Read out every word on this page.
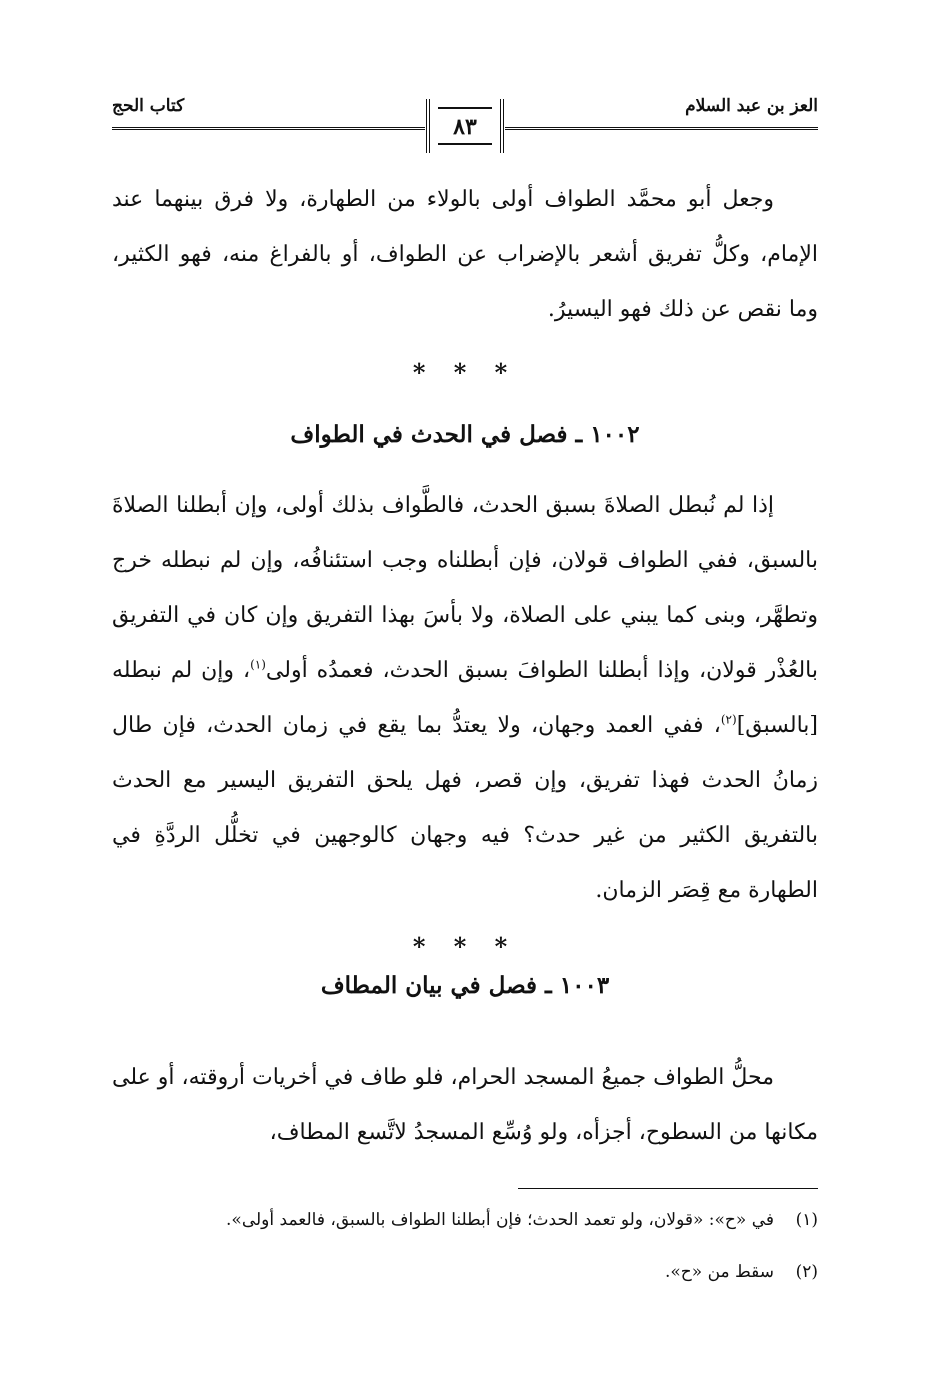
العز بن عبد السلام
كتاب الحج
٨٣

وجعل أبو محمَّد الطواف أولى بالولاء من الطهارة، ولا فرق بينهما عند الإمام، وكلُّ تفريق أشعر بالإضراب عن الطواف، أو بالفراغ منه، فهو الكثير، وما نقص عن ذلك فهو اليسيرُ.

* * *
١٠٠٢ ـ فصل في الحدث في الطواف

إذا لم نُبطل الصلاةَ بسبق الحدث، فالطَّواف بذلك أولى، وإن أبطلنا الصلاةَ بالسبق، ففي الطواف قولان، فإن أبطلناه وجب استئنافُه، وإن لم نبطله خرج وتطهَّر، وبنى كما يبني على الصلاة، ولا بأسَ بهذا التفريق وإن كان في التفريق بالعُذْر قولان، وإذا أبطلنا الطوافَ بسبق الحدث، فعمدُه أولى$^{(١)}$، وإن لم نبطله [بالسبق]$^{(٢)}$، ففي العمد وجهان، ولا يعتدُّ بما يقع في زمان الحدث، فإن طال زمانُ الحدث فهذا تفريق، وإن قصر، فهل يلحق التفريق اليسير مع الحدث بالتفريق الكثير من غير حدث؟ فيه وجهان كالوجهين في تخلُّل الردَّةِ في الطهارة مع قِصَر الزمان.

* * *
١٠٠٣ ـ فصل في بيان المطاف

محلُّ الطواف جميعُ المسجد الحرام، فلو طاف في أخريات أروقته، أو على مكانها من السطوح، أجزأه، ولو وُسِّع المسجدُ لاتَّسع المطاف،

(١)في «ح»: «قولان، ولو تعمد الحدث؛ فإن أبطلنا الطواف بالسبق، فالعمد أولى».
(٢)سقط من «ح».
